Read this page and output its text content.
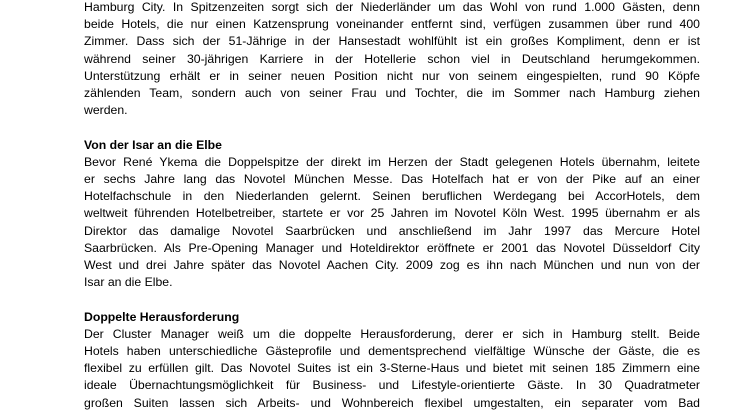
Hamburg City. In Spitzenzeiten sorgt sich der Niederländer um das Wohl von rund 1.000 Gästen, denn
beide Hotels, die nur einen Katzensprung voneinander entfernt sind, verfügen zusammen über rund 400
Zimmer. Dass sich der 51-Jährige in der Hansestadt wohlfühlt ist ein großes Kompliment, denn er ist
während seiner 30-jährigen Karriere in der Hotellerie schon viel in Deutschland herumgekommen.
Unterstützung erhält er in seiner neuen Position nicht nur von seinem eingespielten, rund 90 Köpfe
zählenden Team, sondern auch von seiner Frau und Tochter, die im Sommer nach Hamburg ziehen
werden.
Von der Isar an die Elbe
Bevor René Ykema die Doppelspitze der direkt im Herzen der Stadt gelegenen Hotels übernahm, leitete
er sechs Jahre lang das Novotel München Messe. Das Hotelfach hat er von der Pike auf an einer
Hotelfachschule in den Niederlanden gelernt. Seinen beruflichen Werdegang bei AccorHotels, dem
weltweit führenden Hotelbetreiber, startete er vor 25 Jahren im Novotel Köln West. 1995 übernahm er als
Direktor das damalige Novotel Saarbrücken und anschließend im Jahr 1997 das Mercure Hotel
Saarbrücken. Als Pre-Opening Manager und Hoteldirektor eröffnete er 2001 das Novotel Düsseldorf City
West und drei Jahre später das Novotel Aachen City. 2009 zog es ihn nach München und nun von der
Isar an die Elbe.
Doppelte Herausforderung
Der Cluster Manager weiß um die doppelte Herausforderung, derer er sich in Hamburg stellt. Beide
Hotels haben unterschiedliche Gästeprofile und dementsprechend vielfältige Wünsche der Gäste, die es
flexibel zu erfüllen gilt. Das Novotel Suites ist ein 3-Sterne-Haus und bietet mit seinen 185 Zimmern eine
ideale Übernachtungsmöglichkeit für Business- und Lifestyle-orientierte Gäste. In 30 Quadratmeter
großen Suiten lassen sich Arbeits- und Wohnbereich flexibel umgestalten, ein separater vom Bad
